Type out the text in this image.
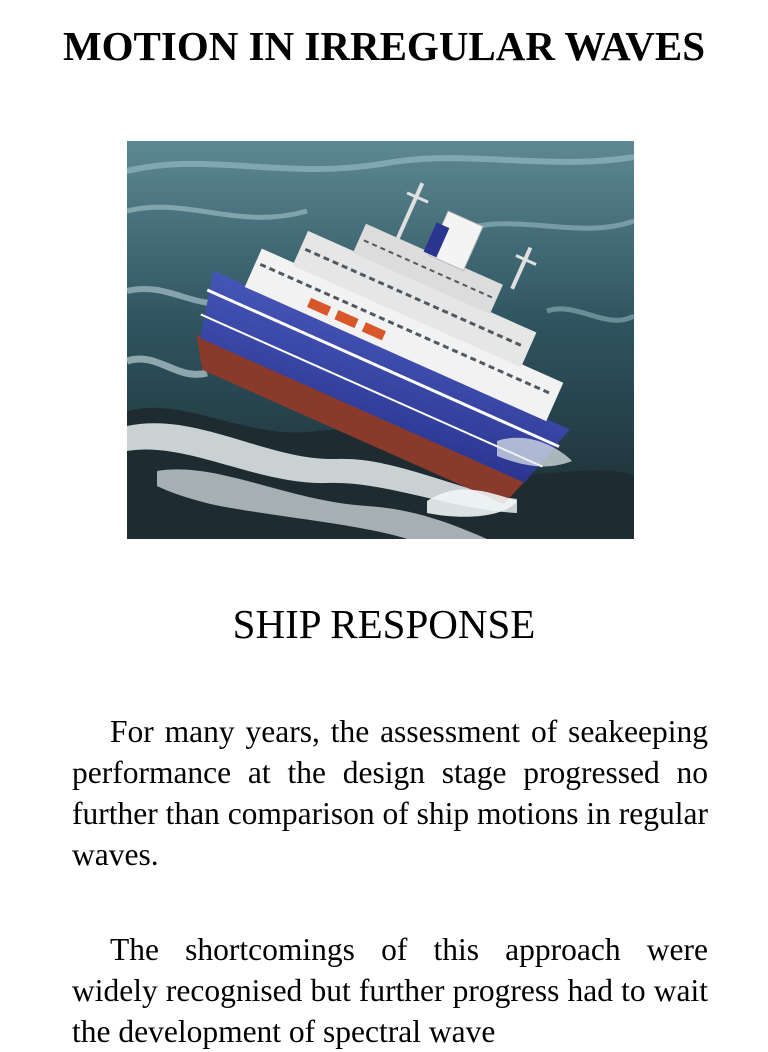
MOTION IN IRREGULAR WAVES
SHIP RESPONSE

For many years, the assessment of seakeeping performance at the design stage progressed no further than comparison of ship motions in regular waves.

The shortcomings of this approach were widely recognised but further progress had to wait the development of spectral wave
